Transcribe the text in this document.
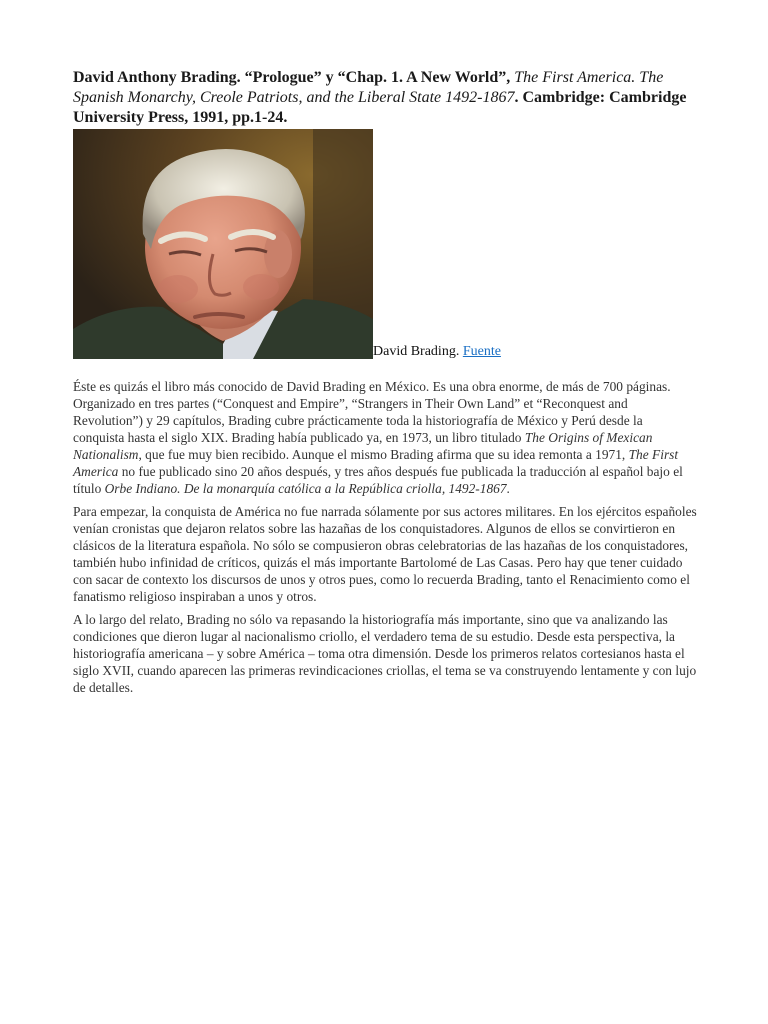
David Anthony Brading. “Prologue” y “Chap. 1. A New World”, The First America. The Spanish Monarchy, Creole Patriots, and the Liberal State 1492-1867. Cambridge: Cambridge University Press, 1991, pp.1-24.

David Brading. Fuente

Éste es quizás el libro más conocido de David Brading en México. Es una obra enorme, de más de 700 páginas. Organizado en tres partes (“Conquest and Empire”, “Strangers in Their Own Land” et “Reconquest and Revolution”) y 29 capítulos, Brading cubre prácticamente toda la historiografía de México y Perú desde la conquista hasta el siglo XIX. Brading había publicado ya, en 1973, un libro titulado The Origins of Mexican Nationalism, que fue muy bien recibido. Aunque el mismo Brading afirma que su idea remonta a 1971, The First America no fue publicado sino 20 años después, y tres años después fue publicada la traducción al español bajo el título Orbe Indiano. De la monarquía católica a la República criolla, 1492-1867.

Para empezar, la conquista de América no fue narrada sólamente por sus actores militares. En los ejércitos españoles venían cronistas que dejaron relatos sobre las hazañas de los conquistadores. Algunos de ellos se convirtieron en clásicos de la literatura española. No sólo se compusieron obras celebratorias de las hazañas de los conquistadores, también hubo infinidad de críticos, quizás el más importante Bartolomé de Las Casas. Pero hay que tener cuidado con sacar de contexto los discursos de unos y otros pues, como lo recuerda Brading, tanto el Renacimiento como el fanatismo religioso inspiraban a unos y otros.

A lo largo del relato, Brading no sólo va repasando la historiografía más importante, sino que va analizando las condiciones que dieron lugar al nacionalismo criollo, el verdadero tema de su estudio. Desde esta perspectiva, la historiografía americana – y sobre América – toma otra dimensión. Desde los primeros relatos cortesianos hasta el siglo XVII, cuando aparecen las primeras revindicaciones criollas, el tema se va construyendo lentamente y con lujo de detalles.
